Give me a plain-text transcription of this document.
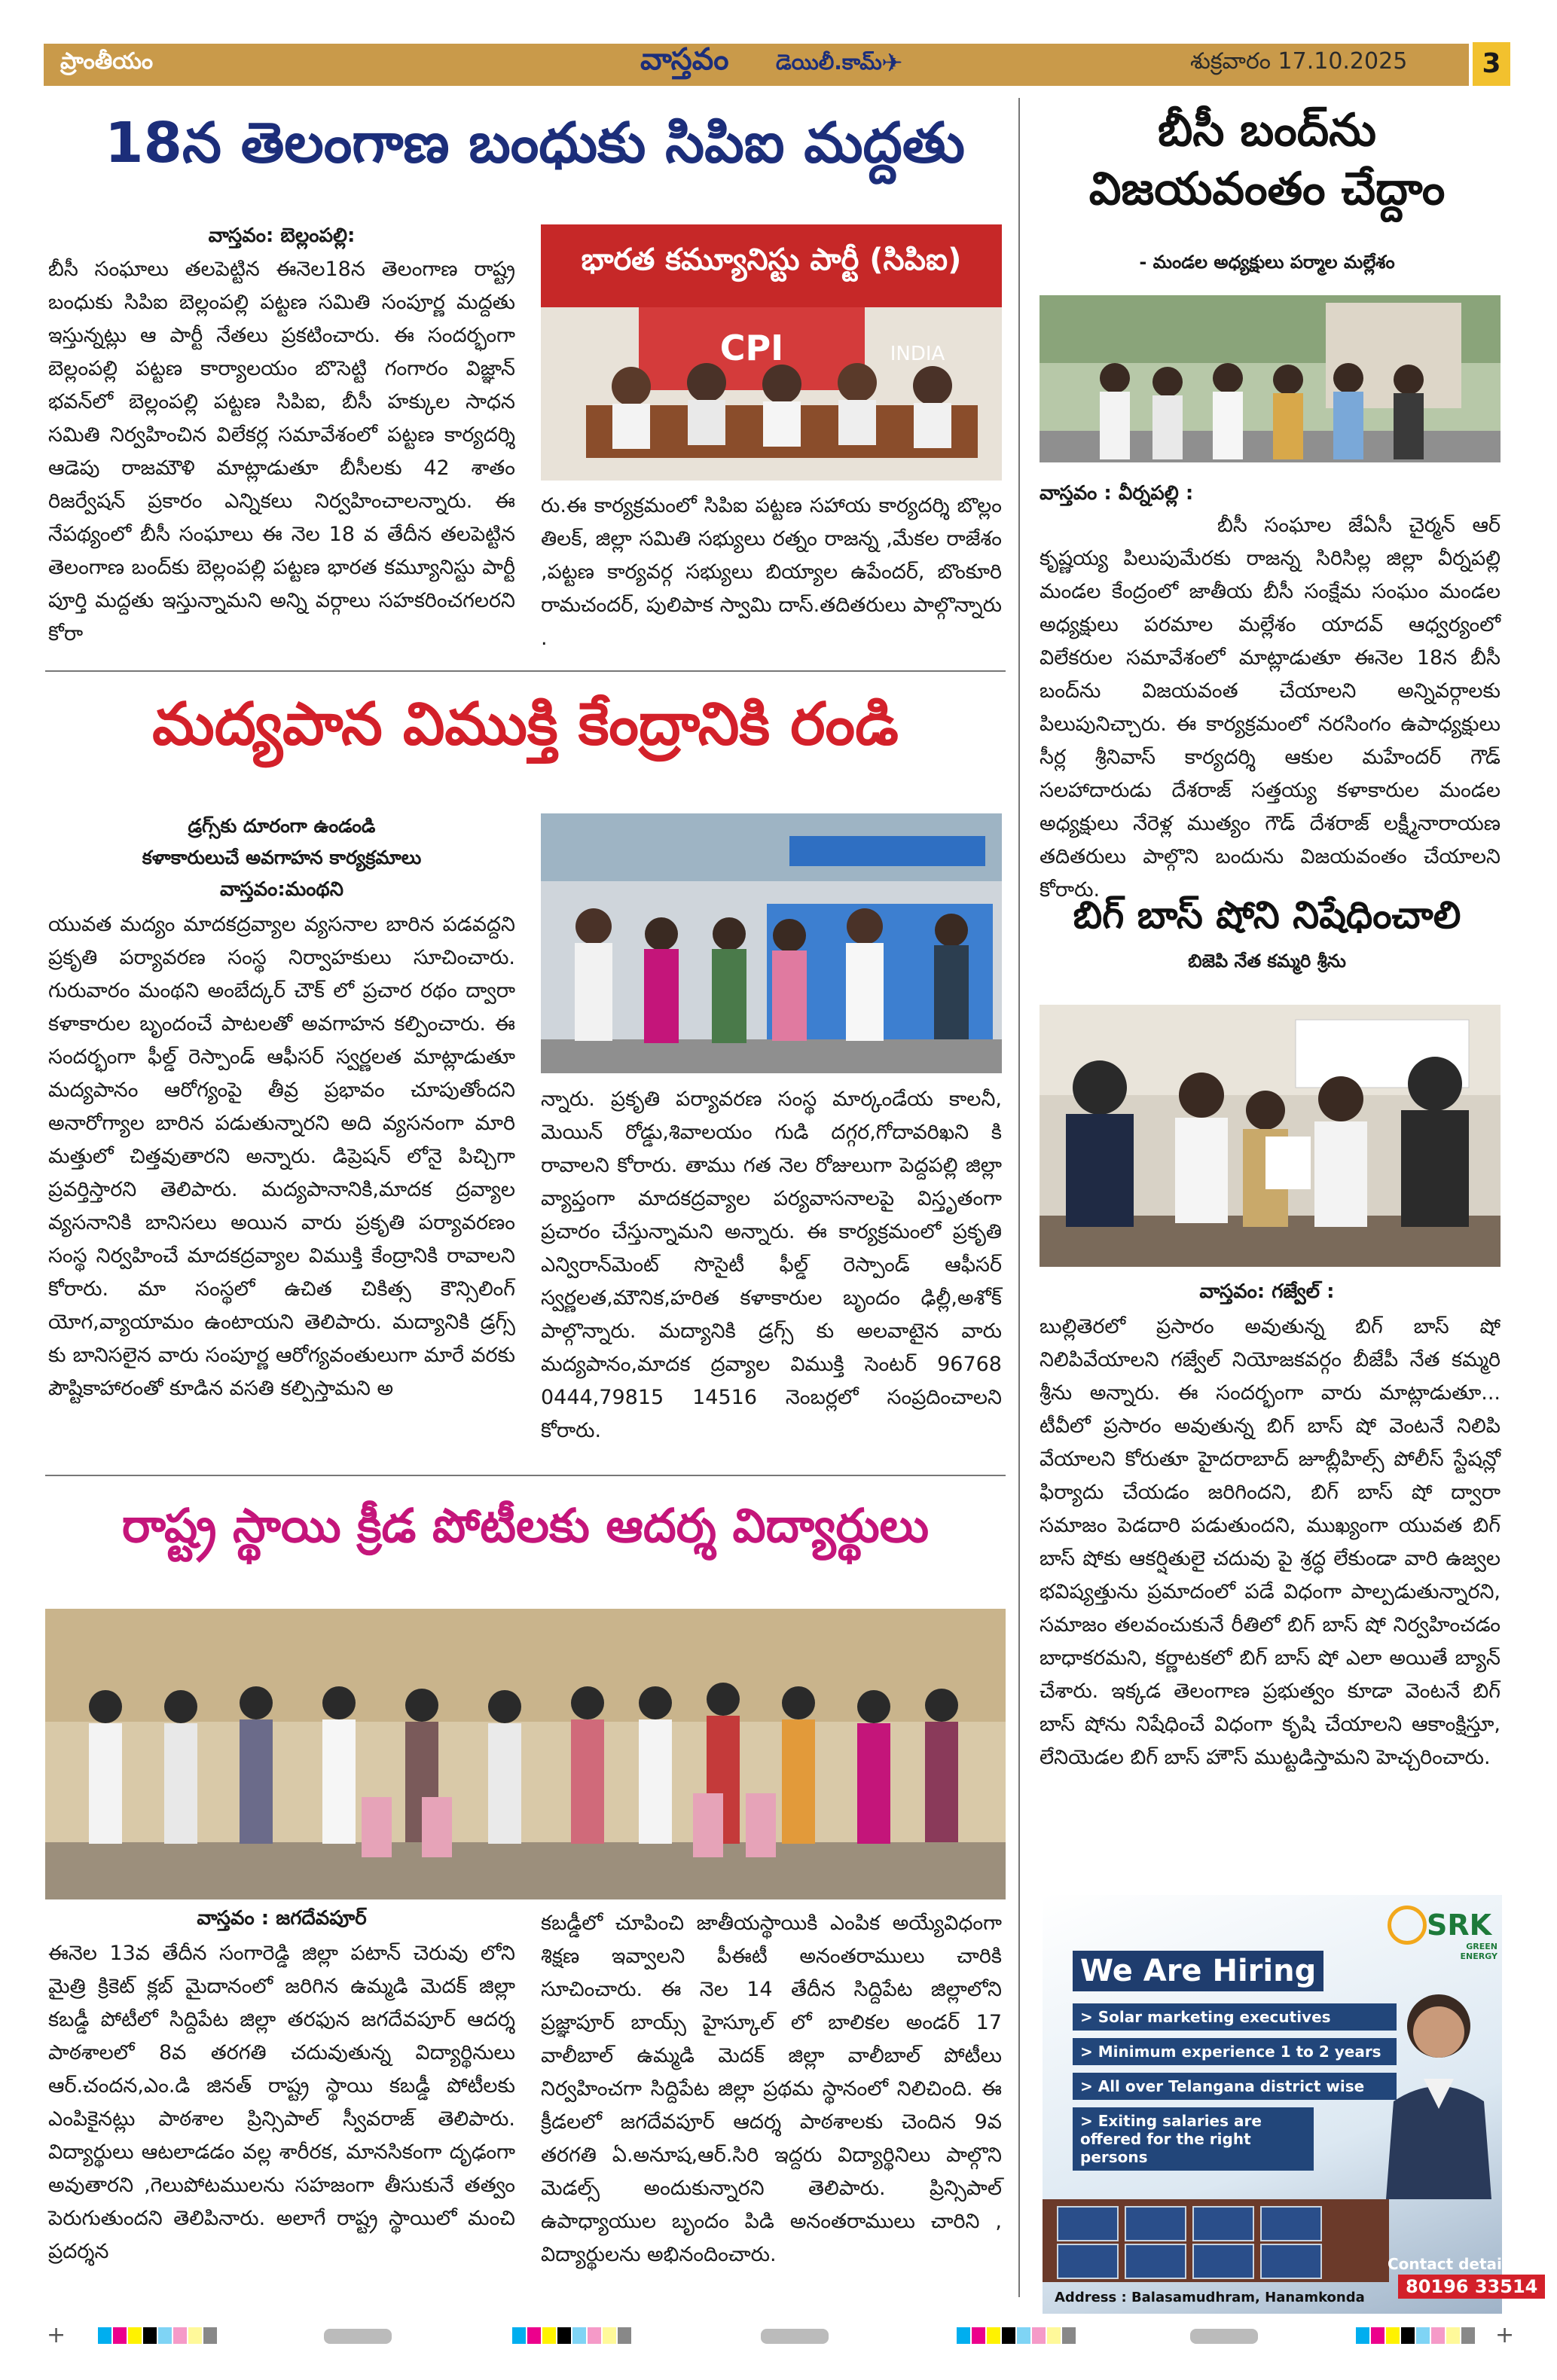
ప్రాంతీయం	వాస్తవం డెయిలీ.కామ్ ✈	శుక్రవారం 17.10.2025	3
18న తెలంగాణ బంధుకు సిపిఐ మద్దతు
వాస్తవం: బెల్లంపల్లి:
బీసీ సంఘాలు తలపెట్టిన ఈనెల18న తెలంగాణ రాష్ట్ర బంధుకు సిపిఐ బెల్లంపల్లి పట్టణ సమితి సంపూర్ణ మద్దతు ఇస్తున్నట్లు ఆ పార్టీ నేతలు ప్రకటించారు. ఈ సందర్భంగా బెల్లంపల్లి పట్టణ కార్యాలయం బొసెట్టి గంగారం విజ్ఞాన్ భవన్‌లో బెల్లంపల్లి పట్టణ సిపిఐ, బీసీ హక్కుల సాధన సమితి నిర్వహించిన విలేకర్ల సమావేశంలో పట్టణ కార్యదర్శి ఆడెపు రాజమౌళి మాట్లాడుతూ బీసీలకు 42 శాతం రిజర్వేషన్ ప్రకారం ఎన్నికలు నిర్వహించాలన్నారు. ఈ నేపథ్యంలో బీసీ సంఘాలు ఈ నెల 18 వ తేదీన తలపెట్టిన తెలంగాణ బంద్‌కు బెల్లంపల్లి పట్టణ భారత కమ్యూనిస్టు పార్టీ పూర్తి మద్దతు ఇస్తున్నామని అన్ని వర్గాలు సహకరించగలరని కోరా
భారత కమ్యూనిస్టు పార్టీ (సిపిఐ)
CPI	INDIA
రు.ఈ కార్యక్రమంలో సిపిఐ పట్టణ సహాయ కార్యదర్శి బొల్లం తిలక్, జిల్లా సమితి సభ్యులు రత్నం రాజన్న ,మేకల రాజేశం ,పట్టణ కార్యవర్గ సభ్యులు బియ్యాల ఉపేందర్, బొంకూరి రామచందర్, పులిపాక స్వామి దాస్.తదితరులు పాల్గొన్నారు .
మద్యపాన విముక్తి కేంద్రానికి రండి
డ్రగ్స్‌కు దూరంగా ఉండండి
కళాకారులుచే అవగాహన కార్యక్రమాలు
వాస్తవం:మంథని
యువత మద్యం మాదకద్రవ్యాల వ్యసనాల బారిన పడవద్దని ప్రకృతి పర్యావరణ సంస్థ నిర్వాహకులు సూచించారు. గురువారం మంథని అంబేద్కర్ చౌక్ లో ప్రచార రథం ద్వారా కళాకారుల బృందంచే పాటలతో అవగాహన కల్పించారు. ఈ సందర్భంగా ఫీల్డ్ రెస్పాండ్ ఆఫీసర్ స్వర్ణలత మాట్లాడుతూ మద్యపానం ఆరోగ్యంపై తీవ్ర ప్రభావం చూపుతోందని అనారోగ్యాల బారిన పడుతున్నారని అది వ్యసనంగా మారి మత్తులో చిత్తవుతారని అన్నారు. డిప్రెషన్ లోనై పిచ్చిగా ప్రవర్తిస్తారని తెలిపారు. మద్యపానానికి,మాదక ద్రవ్యాల వ్యసనానికి బానిసలు అయిన వారు ప్రకృతి పర్యావరణం సంస్థ నిర్వహించే మాదకద్రవ్యాల విముక్తి కేంద్రానికి రావాలని కోరారు. మా సంస్థలో ఉచిత చికిత్స కౌన్సిలింగ్ యోగ,వ్యాయామం ఉంటాయని తెలిపారు. మద్యానికి డ్రగ్స్ కు బానిసలైన వారు సంపూర్ణ ఆరోగ్యవంతులుగా మారే వరకు పౌష్టికాహారంతో కూడిన వసతి కల్పిస్తామని అ
న్నారు. ప్రకృతి పర్యావరణ సంస్థ మార్కండేయ కాలనీ, మెయిన్ రోడ్డు,శివాలయం గుడి దగ్గర,గోదావరిఖని కి రావాలని కోరారు. తాము గత నెల రోజులుగా పెద్దపల్లి జిల్లా వ్యాప్తంగా మాదకద్రవ్యాల పర్యవాసనాలపై విస్తృతంగా ప్రచారం చేస్తున్నామని అన్నారు. ఈ కార్యక్రమంలో ప్రకృతి ఎన్విరాన్‌మెంట్ సొసైటీ ఫీల్డ్ రెస్పాండ్ ఆఫీసర్ స్వర్ణలత,మౌనిక,హరిత కళాకారుల బృందం ఢిల్లీ,అశోక్ పాల్గొన్నారు. మద్యానికి డ్రగ్స్ కు అలవాటైన వారు మద్యపానం,మాదక ద్రవ్యాల విముక్తి సెంటర్ 96768 0444,79815 14516 నెంబర్లలో సంప్రదించాలని కోరారు.
రాష్ట్ర స్థాయి క్రీడ పోటీలకు ఆదర్శ విద్యార్థులు
వాస్తవం : జగదేవపూర్
ఈనెల 13వ తేదీన సంగారెడ్డి జిల్లా పటాన్ చెరువు లోని మైత్రి క్రికెట్ క్లబ్ మైదానంలో జరిగిన ఉమ్మడి మెదక్ జిల్లా కబడ్డీ పోటీలో సిద్దిపేట జిల్లా తరఫున జగదేవపూర్ ఆదర్శ పాఠశాలలో 8వ తరగతి చదువుతున్న విద్యార్థినులు ఆర్.చందన,ఎం.డి జినత్ రాష్ట్ర స్థాయి కబడ్డీ పోటీలకు ఎంపికైనట్లు పాఠశాల ప్రిన్సిపాల్ స్వీవరాజ్ తెలిపారు. విద్యార్థులు ఆటలాడడం వల్ల శారీరక, మానసికంగా దృఢంగా అవుతారని ,గెలుపోటములను సహజంగా తీసుకునే తత్వం పెరుగుతుందని తెలిపినారు. అలాగే రాష్ట్ర స్థాయిలో మంచి ప్రదర్శన
కబడ్డీలో చూపించి జాతీయస్థాయికి ఎంపిక అయ్యేవిధంగా శిక్షణ ఇవ్వాలని పీఈటీ అనంతరాములు చారికి సూచించారు. ఈ నెల 14 తేదీన సిద్దిపేట జిల్లాలోని ప్రజ్ఞాపూర్ బాయ్స్ హైస్కూల్ లో బాలికల అండర్ 17 వాలీబాల్ ఉమ్మడి మెదక్ జిల్లా వాలీబాల్ పోటీలు నిర్వహించగా సిద్దిపేట జిల్లా ప్రథమ స్థానంలో నిలిచింది. ఈ క్రీడలలో జగదేవపూర్ ఆదర్శ పాఠశాలకు చెందిన 9వ తరగతి ఏ.అనూష,ఆర్.సిరి ఇద్దరు విద్యార్థినిలు పాల్గొని మెడల్స్ అందుకున్నారని తెలిపారు. ప్రిన్సిపాల్ ఉపాధ్యాయుల బృందం పిడి అనంతరాములు చారిని , విద్యార్థులను అభినందించారు.
బీసీ బంద్‌ను
విజయవంతం చేద్దాం
- మండల అధ్యక్షులు పర్మాల మల్లేశం
వాస్తవం : వీర్నపల్లి :
బీసీ సంఘాల జేఏసీ చైర్మన్ ఆర్ కృష్ణయ్య పిలుపుమేరకు రాజన్న సిరిసిల్ల జిల్లా వీర్నపల్లి మండల కేంద్రంలో జాతీయ బీసీ సంక్షేమ సంఘం మండల అధ్యక్షులు పరమాల మల్లేశం యాదవ్ ఆధ్వర్యంలో విలేకరుల సమావేశంలో మాట్లాడుతూ ఈనెల 18న బీసీ బంద్‌ను విజయవంత చేయాలని అన్నివర్గాలకు పిలుపునిచ్చారు. ఈ కార్యక్రమంలో నరసింగం ఉపాధ్యక్షులు సీర్ల శ్రీనివాస్ కార్యదర్శి ఆకుల మహేందర్ గౌడ్ సలహాదారుడు దేశరాజ్ సత్తయ్య కళాకారుల మండల అధ్యక్షులు నేరెళ్ల ముత్యం గౌడ్ దేశరాజ్ లక్ష్మీనారాయణ తదితరులు పాల్గొని బందును విజయవంతం చేయాలని కోరారు.
బిగ్ బాస్ షోని నిషేధించాలి
బిజెపి నేత కమ్మరి శ్రీను
వాస్తవం: గజ్వేల్ :
బుల్లితెరలో ప్రసారం అవుతున్న బిగ్ బాస్ షో నిలిపివేయాలని గజ్వేల్ నియోజకవర్గం బీజేపీ నేత కమ్మరి శ్రీను అన్నారు. ఈ సందర్భంగా వారు మాట్లాడుతూ... టీవీలో ప్రసారం అవుతున్న బిగ్ బాస్ షో వెంటనే నిలిపి వేయాలని కోరుతూ హైదరాబాద్ జూబ్లీహిల్స్ పోలీస్ స్టేషన్లో ఫిర్యాదు చేయడం జరిగిందని, బిగ్ బాస్ షో ద్వారా సమాజం పెడదారి పడుతుందని, ముఖ్యంగా యువత బిగ్ బాస్ షోకు ఆకర్షితులై చదువు పై శ్రద్ధ లేకుండా వారి ఉజ్వల భవిష్యత్తును ప్రమాదంలో పడే విధంగా పాల్పడుతున్నారని, సమాజం తలవంచుకునే రీతిలో బిగ్ బాస్ షో నిర్వహించడం బాధాకరమని, కర్ణాటకలో బిగ్ బాస్ షో ఎలా అయితే బ్యాన్ చేశారు. ఇక్కడ తెలంగాణ ప్రభుత్వం కూడా వెంటనే బిగ్ బాస్ షోను నిషేధించే విధంగా కృషి చేయాలని ఆకాంక్షిస్తూ, లేనియెడల బిగ్ బాస్ హౌస్ ముట్టడిస్తామని హెచ్చరించారు.
SRK
GREEN ENERGY
We Are Hiring
> Solar marketing executives
> Minimum experience 1 to 2 years
> All over Telangana district wise
> Exiting salaries are offered for the right persons
Contact details:
80196 33514
Address : Balasamudhram, Hanamkonda
+	+
